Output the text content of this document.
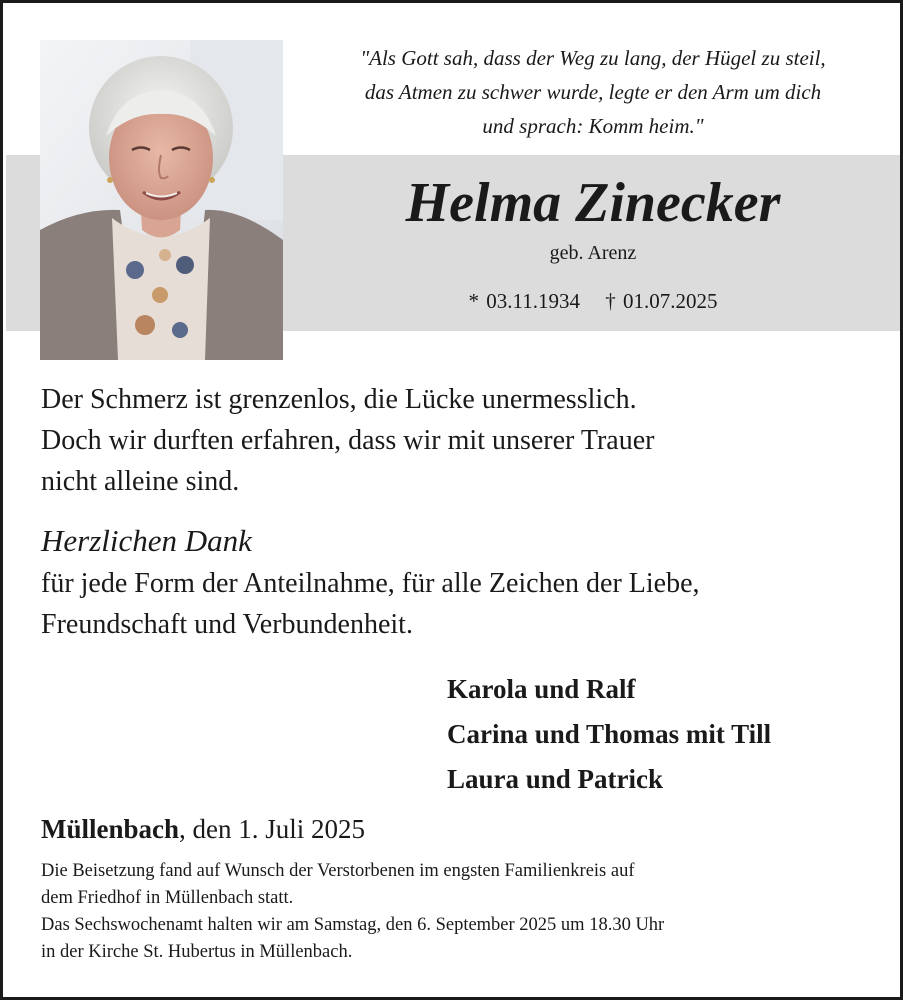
"Als Gott sah, dass der Weg zu lang, der Hügel zu steil,
das Atmen zu schwer wurde, legte er den Arm um dich
und sprach: Komm heim."
Helma Zinecker
geb. Arenz
* 03.11.1934 † 01.07.2025
Der Schmerz ist grenzenlos, die Lücke unermesslich.
Doch wir durften erfahren, dass wir mit unserer Trauer
nicht alleine sind.
Herzlichen Dank
für jede Form der Anteilnahme, für alle Zeichen der Liebe,
Freundschaft und Verbundenheit.
Karola und Ralf
Carina und Thomas mit Till
Laura und Patrick
Müllenbach, den 1. Juli 2025
Die Beisetzung fand auf Wunsch der Verstorbenen im engsten Familienkreis auf
dem Friedhof in Müllenbach statt.
Das Sechswochenamt halten wir am Samstag, den 6. September 2025 um 18.30 Uhr
in der Kirche St. Hubertus in Müllenbach.
